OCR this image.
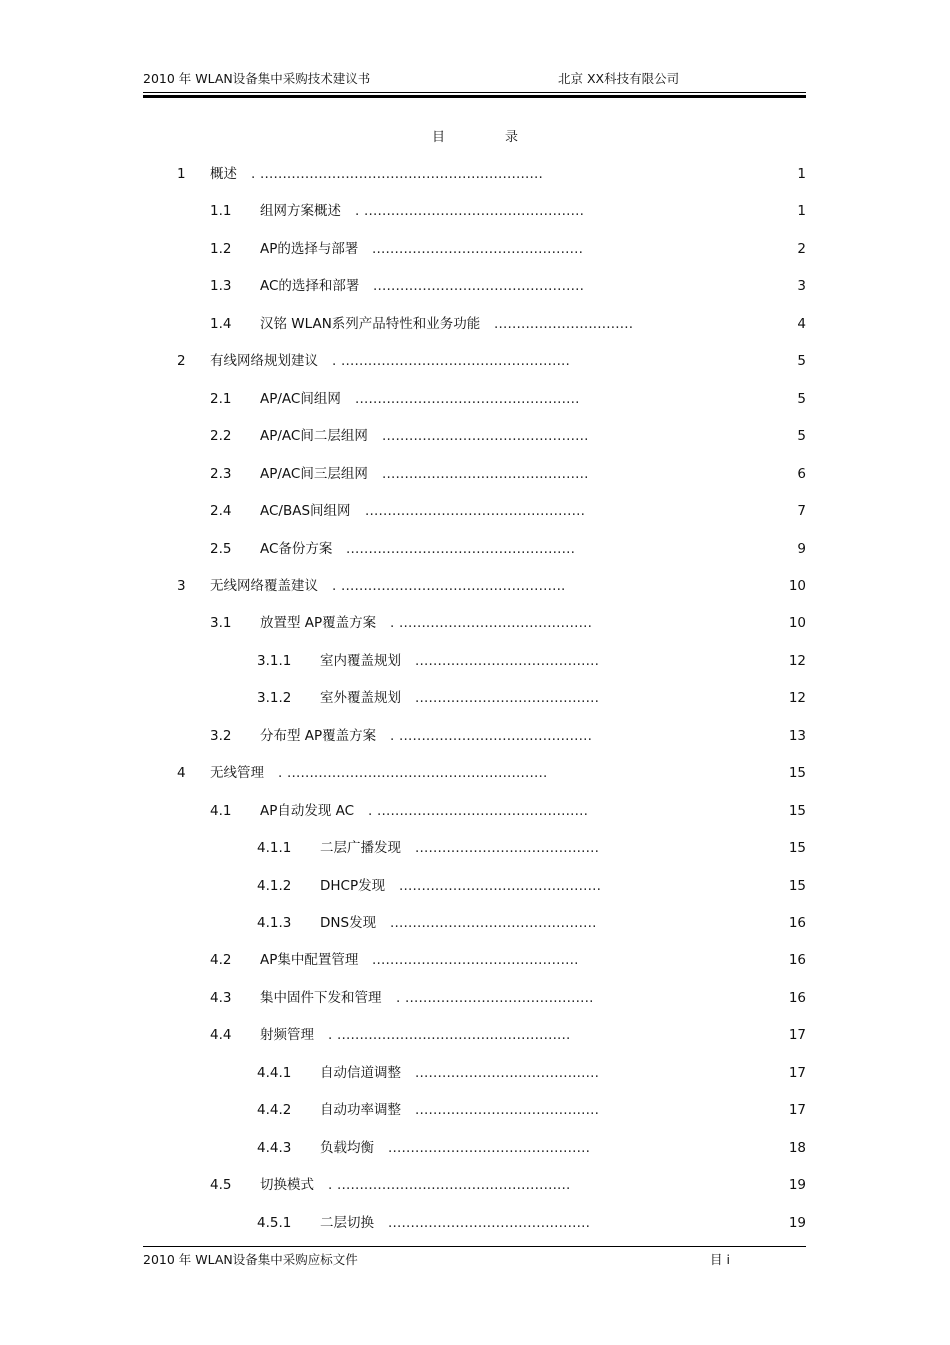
2010 年 WLAN设备集中采购技术建议书	北京 XX科技有限公司
目	录
1 概述 . ...............................................................	1
1.1 组网方案概述 . .................................................	1
1.2 AP的选择与部署 ...............................................	2
1.3 AC的选择和部署 ...............................................	3
1.4 汉铭 WLAN系列产品特性和业务功能 ...............................	4
2 有线网络规划建议 . ...................................................	5
2.1 AP/AC间组网 ..................................................	5
2.2 AP/AC间二层组网 ..............................................	5
2.3 AP/AC间三层组网 ..............................................	6
2.4 AC/BAS间组网 .................................................	7
2.5 AC备份方案 ...................................................	9
3 无线网络覆盖建议 . ..................................................	10
3.1 放置型 AP覆盖方案 . ...........................................	10
3.1.1 室内覆盖规划 .........................................	12
3.1.2 室外覆盖规划 .........................................	12
3.2 分布型 AP覆盖方案 . ...........................................	13
4 无线管理 . ..........................................................	15
4.1 AP自动发现 AC . ...............................................	15
4.1.1 二层广播发现 .........................................	15
4.1.2 DHCP发现 .............................................	15
4.1.3 DNS发现 ..............................................	16
4.2 AP集中配置管理 ..............................................	16
4.3 集中固件下发和管理 . ..........................................	16
4.4 射频管理 . ....................................................	17
4.4.1 自动信道调整 .........................................	17
4.4.2 自动功率调整 .........................................	17
4.4.3 负载均衡 .............................................	18
4.5 切换模式 . ....................................................	19
4.5.1 二层切换 .............................................	19
2010 年 WLAN设备集中采购应标文件	目 i
